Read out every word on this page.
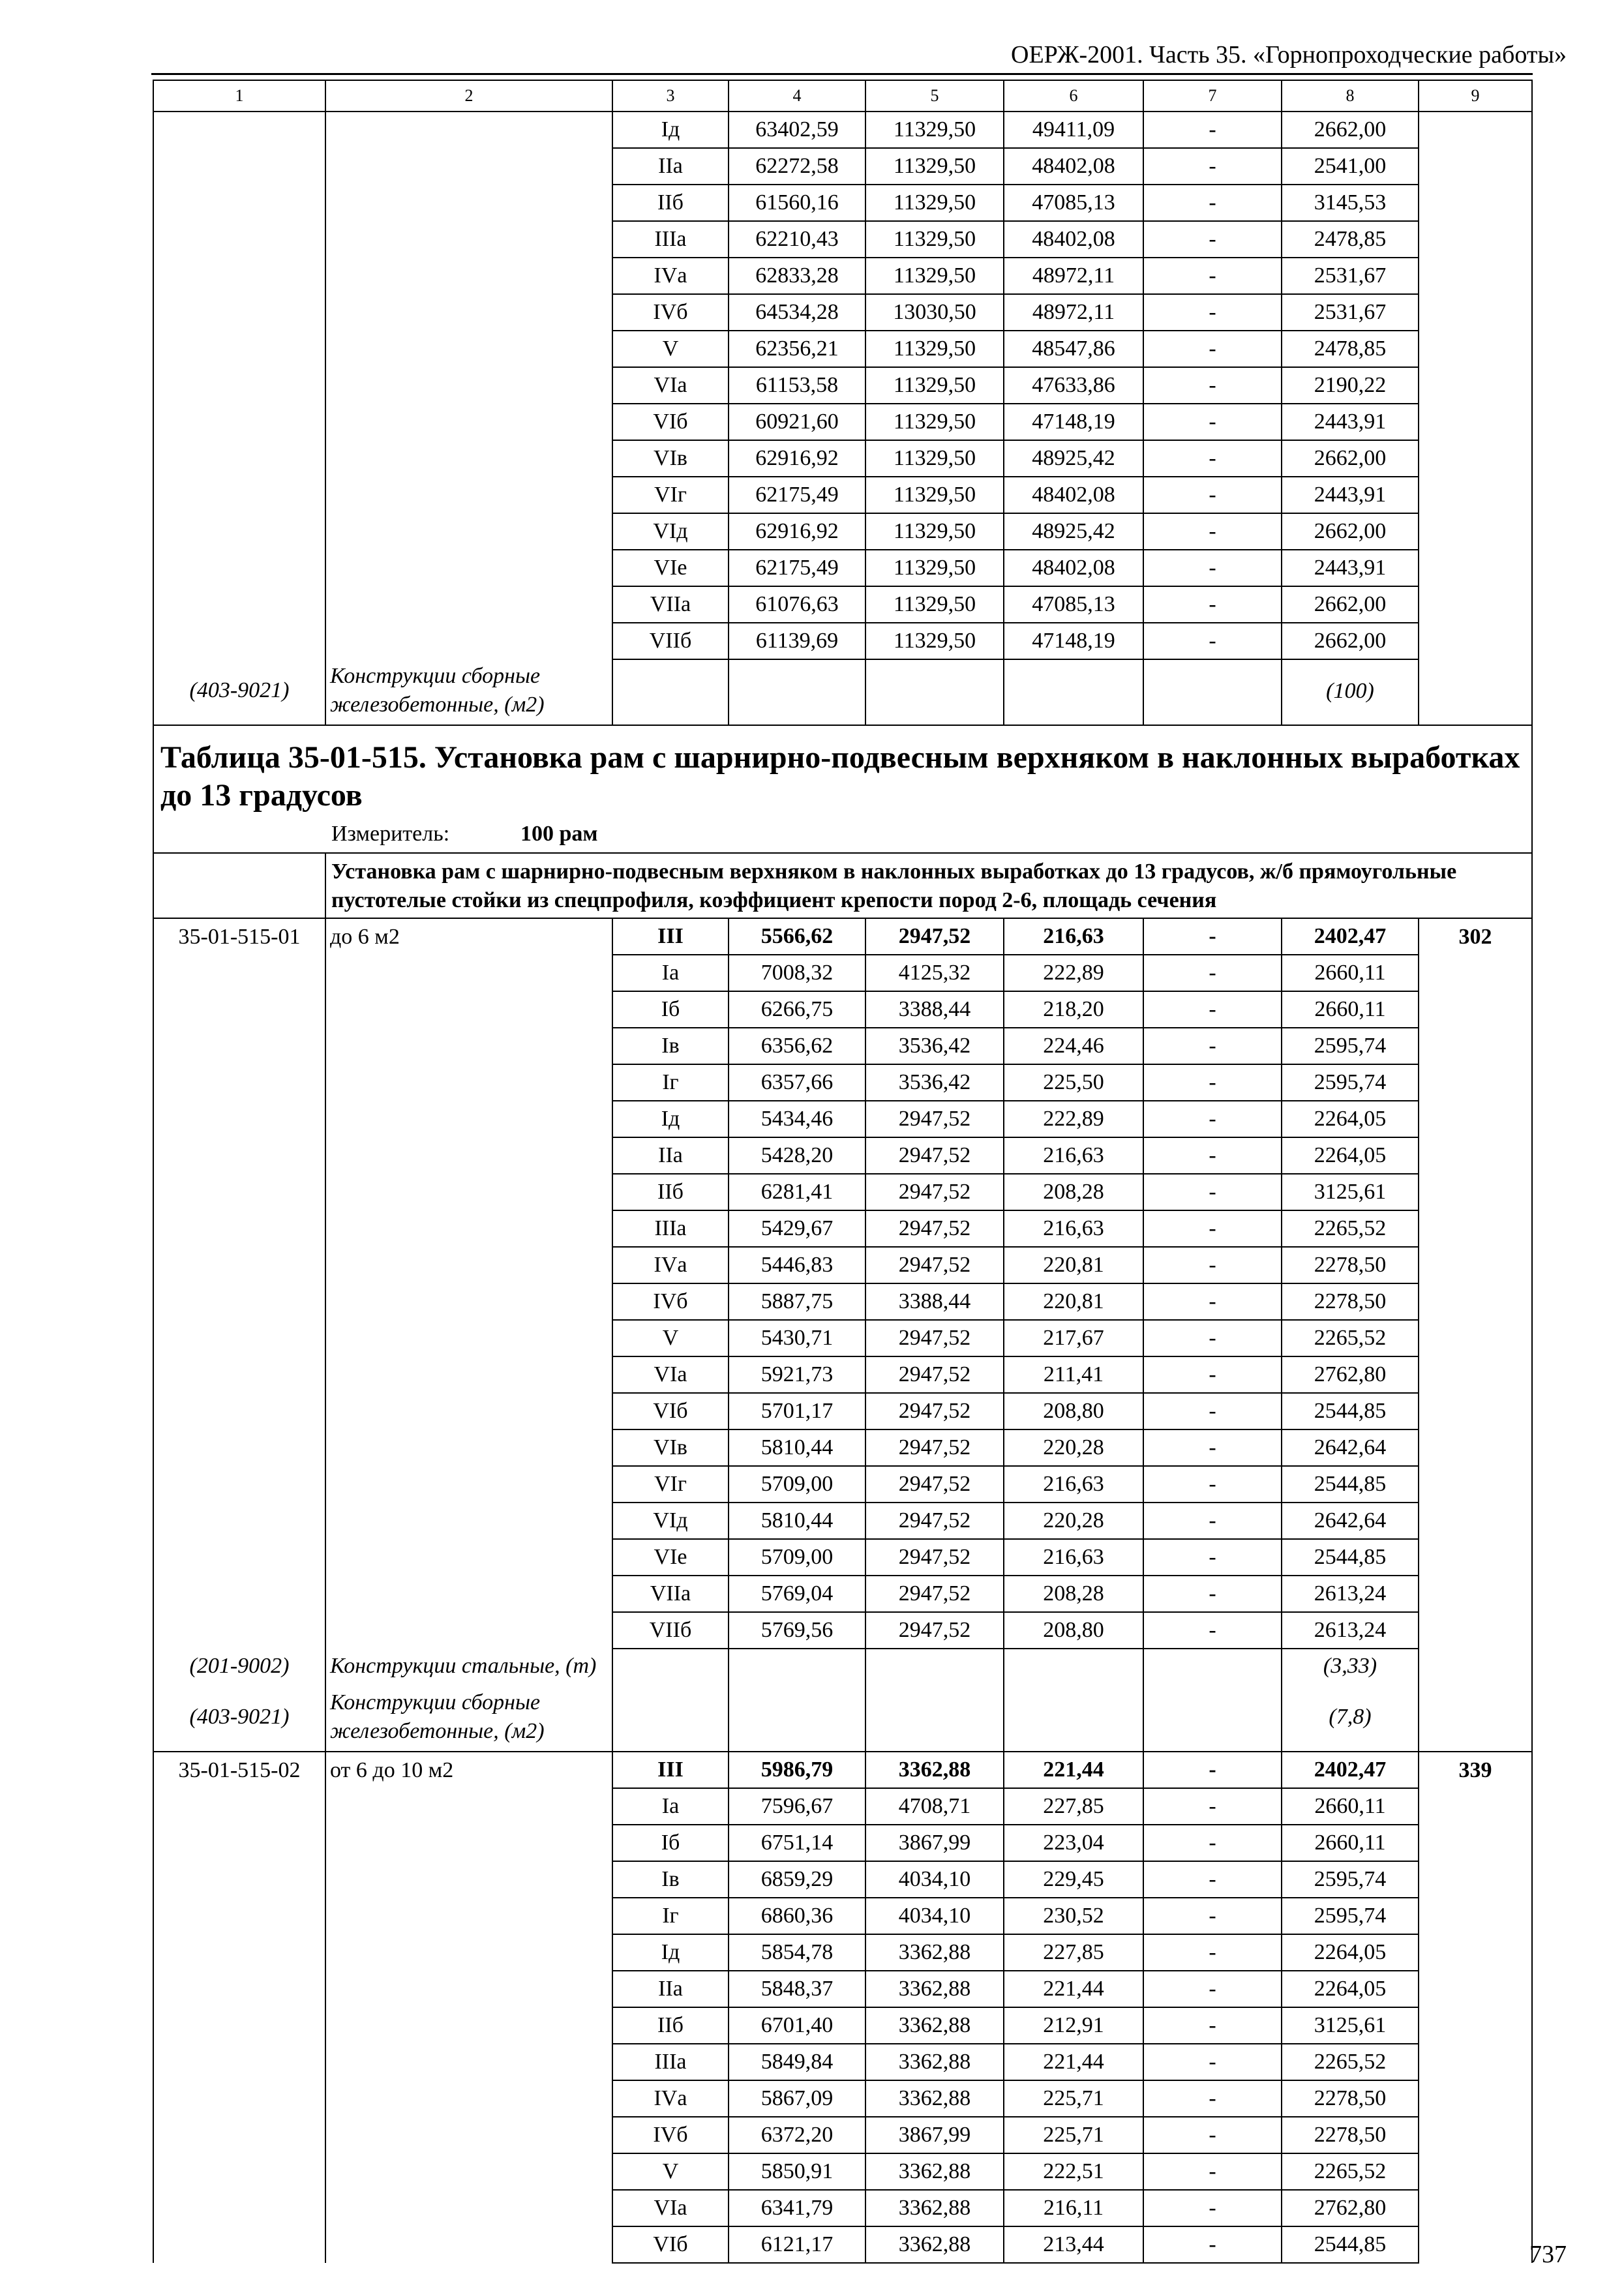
ОЕРЖ-2001. Часть 35. «Горнопроходческие работы»
1	2	3	4	5	6	7	8	9
		Iд	63402,59	11329,50	49411,09	-	2662,00	
		IIа	62272,58	11329,50	48402,08	-	2541,00	
		IIб	61560,16	11329,50	47085,13	-	3145,53	
		IIIа	62210,43	11329,50	48402,08	-	2478,85	
		IVа	62833,28	11329,50	48972,11	-	2531,67	
		IVб	64534,28	13030,50	48972,11	-	2531,67	
		V	62356,21	11329,50	48547,86	-	2478,85	
		VIа	61153,58	11329,50	47633,86	-	2190,22	
		VIб	60921,60	11329,50	47148,19	-	2443,91	
		VIв	62916,92	11329,50	48925,42	-	2662,00	
		VIг	62175,49	11329,50	48402,08	-	2443,91	
		VIд	62916,92	11329,50	48925,42	-	2662,00	
		VIе	62175,49	11329,50	48402,08	-	2443,91	
		VIIа	61076,63	11329,50	47085,13	-	2662,00	
		VIIб	61139,69	11329,50	47148,19	-	2662,00	
(403-9021)	Конструкции сборные железобетонные, (м2)						(100)	

Таблица 35-01-515. Установка рам с шарнирно-подвесным верхняком в наклонных выработках до 13 градусов
Измеритель: 100 рам								

	Установка рам с шарнирно-подвесным верхняком в наклонных выработках до 13 градусов, ж/б прямоугольные пустотелые стойки из спецпрофиля, коэффициент крепости пород 2-6, площадь сечения							
35-01-515-01	до 6 м2	III	5566,62	2947,52	216,63	-	2402,47	302
		Iа	7008,32	4125,32	222,89	-	2660,11	
		Iб	6266,75	3388,44	218,20	-	2660,11	
		Iв	6356,62	3536,42	224,46	-	2595,74	
		Iг	6357,66	3536,42	225,50	-	2595,74	
		Iд	5434,46	2947,52	222,89	-	2264,05	
		IIа	5428,20	2947,52	216,63	-	2264,05	
		IIб	6281,41	2947,52	208,28	-	3125,61	
		IIIа	5429,67	2947,52	216,63	-	2265,52	
		IVа	5446,83	2947,52	220,81	-	2278,50	
		IVб	5887,75	3388,44	220,81	-	2278,50	
		V	5430,71	2947,52	217,67	-	2265,52	
		VIа	5921,73	2947,52	211,41	-	2762,80	
		VIб	5701,17	2947,52	208,80	-	2544,85	
		VIв	5810,44	2947,52	220,28	-	2642,64	
		VIг	5709,00	2947,52	216,63	-	2544,85	
		VIд	5810,44	2947,52	220,28	-	2642,64	
		VIе	5709,00	2947,52	216,63	-	2544,85	
		VIIа	5769,04	2947,52	208,28	-	2613,24	
		VIIб	5769,56	2947,52	208,80	-	2613,24	
(201-9002)	Конструкции стальные, (т)						(3,33)	
(403-9021)	Конструкции сборные железобетонные, (м2)						(7,8)	
35-01-515-02	от 6 до 10 м2	III	5986,79	3362,88	221,44	-	2402,47	339
		Iа	7596,67	4708,71	227,85	-	2660,11	
		Iб	6751,14	3867,99	223,04	-	2660,11	
		Iв	6859,29	4034,10	229,45	-	2595,74	
		Iг	6860,36	4034,10	230,52	-	2595,74	
		Iд	5854,78	3362,88	227,85	-	2264,05	
		IIа	5848,37	3362,88	221,44	-	2264,05	
		IIб	6701,40	3362,88	212,91	-	3125,61	
		IIIа	5849,84	3362,88	221,44	-	2265,52	
		IVа	5867,09	3362,88	225,71	-	2278,50	
		IVб	6372,20	3867,99	225,71	-	2278,50	
		V	5850,91	3362,88	222,51	-	2265,52	
		VIа	6341,79	3362,88	216,11	-	2762,80	
		VIб	6121,17	3362,88	213,44	-	2544,85		737
